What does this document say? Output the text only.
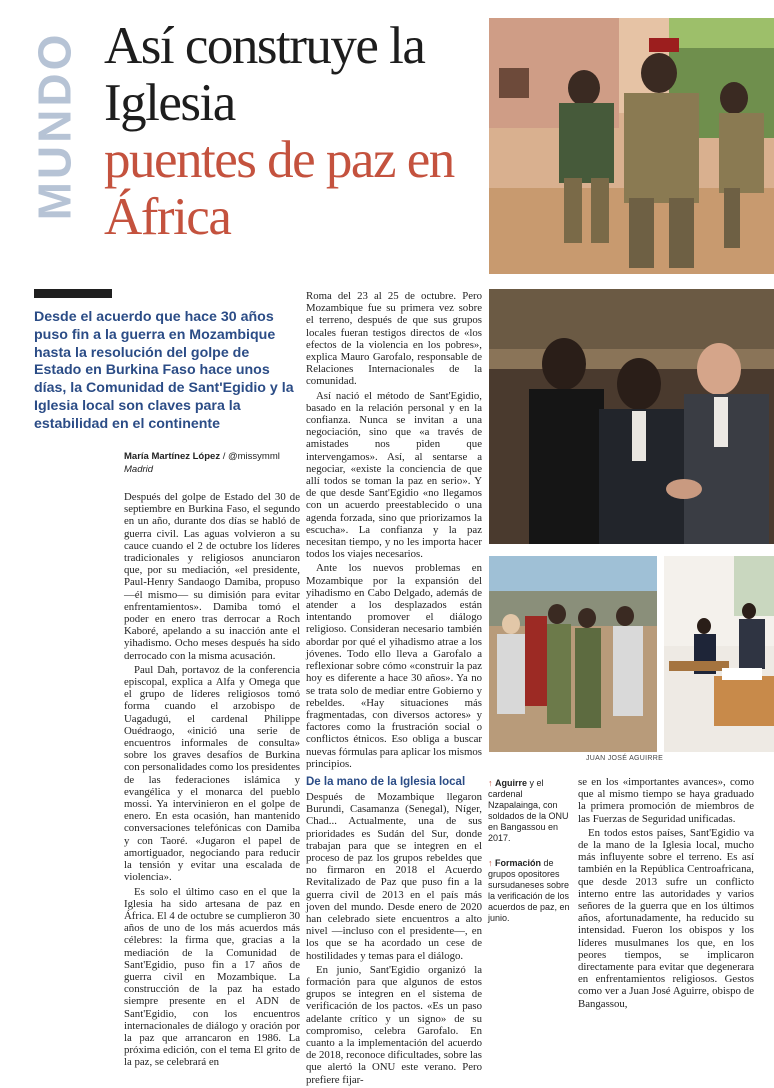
MUNDO Así construye la Iglesia
puentes de paz en África
Desde el acuerdo que hace 30 años puso fin a la guerra en Mozambique hasta la resolución del golpe de Estado en Burkina Faso hace unos días, la Comunidad de Sant'Egidio y la Iglesia local son claves para la estabilidad en el continente
María Martínez López / @missymml
Madrid

Después del golpe de Estado del 30 de septiembre en Burkina Faso, el segundo en un año, durante dos días se habló de guerra civil. Las aguas volvieron a su cauce cuando el 2 de octubre los líderes tradicionales y religiosos anunciaron que, por su mediación, «el presidente, Paul-Henry Sandaogo Damiba, propuso —él mismo— su dimisión para evitar enfrentamientos». Damiba tomó el poder en enero tras derrocar a Roch Kaboré, apelando a su inacción ante el yihadismo. Ocho meses después ha sido derrocado con la misma acusación.

Paul Dah, portavoz de la conferencia episcopal, explica a Alfa y Omega que el grupo de líderes religiosos tomó forma cuando el arzobispo de Uagadugú, el cardenal Philippe Ouédraogo, «inició una serie de encuentros informales de consulta» sobre los graves desafíos de Burkina con personalidades como los presidentes de las federaciones islámica y evangélica y el monarca del pueblo mossi. Ya intervinieron en el golpe de enero. En esta ocasión, han mantenido conversaciones telefónicas con Damiba y con Taoré. «Jugaron el papel de amortiguador, negociando para reducir la tensión y evitar una escalada de violencia».

Es solo el último caso en el que la Iglesia ha sido artesana de paz en África. El 4 de octubre se cumplieron 30 años de uno de los más acuerdos más célebres: la firma que, gracias a la mediación de la Comunidad de Sant'Egidio, puso fin a 17 años de guerra civil en Mozambique. La construcción de la paz ha estado siempre presente en el ADN de Sant'Egidio, con los encuentros internacionales de diálogo y oración por la paz que arrancaron en 1986. La próxima edición, con el tema El grito de la paz, se celebrará en

Roma del 23 al 25 de octubre. Pero Mozambique fue su primera vez sobre el terreno, después de que sus grupos locales fueran testigos directos de «los efectos de la violencia en los pobres», explica Mauro Garofalo, responsable de Relaciones Internacionales de la comunidad.

Así nació el método de Sant'Egidio, basado en la relación personal y en la confianza. Nunca se invitan a una negociación, sino que «a través de amistades nos piden que intervengamos». Así, al sentarse a negociar, «existe la conciencia de que allí todos se toman la paz en serio». Y de que desde Sant'Egidio «no llegamos con un acuerdo preestablecido o una agenda forzada, sino que priorizamos la escucha». La confianza y la paz necesitan tiempo, y no les importa hacer todos los viajes necesarios.

Ante los nuevos problemas en Mozambique por la expansión del yihadismo en Cabo Delgado, además de atender a los desplazados están intentando promover el diálogo religioso. Consideran necesario también abordar por qué el yihadismo atrae a los jóvenes. Todo ello lleva a Garofalo a reflexionar sobre cómo «construir la paz hoy es diferente a hace 30 años». Ya no se trata solo de mediar entre Gobierno y rebeldes. «Hay situaciones más fragmentadas, con diversos actores» y factores como la frustración social o conflictos étnicos. Eso obliga a buscar nuevas fórmulas para aplicar los mismos principios.

De la mano de la Iglesia local

Después de Mozambique llegaron Burundi, Casamanza (Senegal), Níger, Chad... Actualmente, una de sus prioridades es Sudán del Sur, donde trabajan para que se integren en el proceso de paz los grupos rebeldes que no firmaron en 2018 el Acuerdo Revitalizado de Paz que puso fin a la guerra civil de 2013 en el país más joven del mundo. Desde enero de 2020 han celebrado siete encuentros a alto nivel —incluso con el presidente—, en los que se ha acordado un cese de hostilidades y temas para el diálogo.

En junio, Sant'Egidio organizó la formación para que algunos de estos grupos se integren en el sistema de verificación de los pactos. «Es un paso adelante crítico y un signo» de su compromiso, celebra Garofalo. En cuanto a la implementación del acuerdo de 2018, reconoce dificultades, sobre las que alertó la ONU este verano. Pero prefiere fijar-

JUAN JOSÉ AGUIRRE
↑ Aguirre y el cardenal Nzapalainga, con soldados de la ONU en Bangassou en 2017.
↑ Formación de grupos opositores sursudaneses sobre la verificación de los acuerdos de paz, en junio.

se en los «importantes avances», como que al mismo tiempo se haya graduado la primera promoción de miembros de las Fuerzas de Seguridad unificadas.

En todos estos países, Sant'Egidio va de la mano de la Iglesia local, mucho más influyente sobre el terreno. Es así también en la República Centroafricana, que desde 2013 sufre un conflicto interno entre las autoridades y varios señores de la guerra que en los últimos años, afortunadamente, ha reducido su intensidad. Fueron los obispos y los líderes musulmanes los que, en los peores tiempos, se implicaron directamente para evitar que degenerara en enfrentamientos religiosos. Gestos como ver a Juan José Aguirre, obispo de Bangassou,
